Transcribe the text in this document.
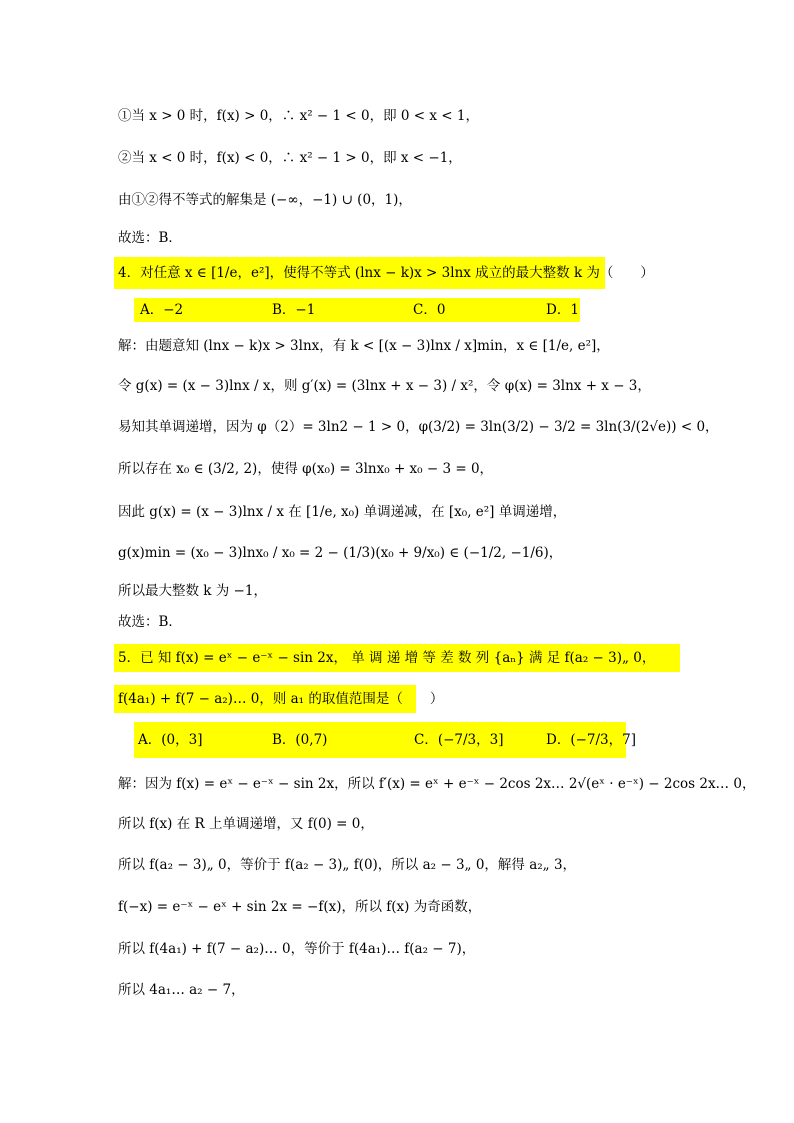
①当 x > 0 时，f(x) > 0，∴ x² − 1 < 0，即 0 < x < 1，
②当 x < 0 时，f(x) < 0，∴ x² − 1 > 0，即 x < −1，
由①②得不等式的解集是 (−∞，−1) ∪ (0，1)，
故选：B．
4．对任意 x ∈ [1/e，e²]，使得不等式 (lnx − k)x > 3lnx 成立的最大整数 k 为（　　）
A．−2	B．−1	C．0	D．1
解：由题意知 (lnx − k)x > 3lnx，有 k < [(x − 3)lnx / x]min，x ∈ [1/e, e²]，
令 g(x) = (x − 3)lnx / x，则 g′(x) = (3lnx + x − 3) / x²，令 φ(x) = 3lnx + x − 3，
易知其单调递增，因为 φ（2）= 3ln2 − 1 > 0，φ(3/2) = 3ln(3/2) − 3/2 = 3ln(3/(2√e)) < 0，
所以存在 x₀ ∈ (3/2, 2)，使得 φ(x₀) = 3lnx₀ + x₀ − 3 = 0，
因此 g(x) = (x − 3)lnx / x 在 [1/e, x₀) 单调递减，在 [x₀, e²] 单调递增，
g(x)min = (x₀ − 3)lnx₀ / x₀ = 2 − (1/3)(x₀ + 9/x₀) ∈ (−1/2, −1/6)，
所以最大整数 k 为 −1，
故选：B．
5．已 知 f(x) = eˣ − e⁻ˣ − sin 2x， 单 调 递 增 等 差 数 列 {aₙ} 满 足 f(a₂ − 3)„ 0，
f(4a₁) + f(7 − a₂)… 0，则 a₁ 的取值范围是（　　）
A．(0，3]	B．(0,7)	C．(−7/3，3]	D．(−7/3，7]
解：因为 f(x) = eˣ − e⁻ˣ − sin 2x，所以 f′(x) = eˣ + e⁻ˣ − 2cos 2x… 2√(eˣ · e⁻ˣ) − 2cos 2x… 0，
所以 f(x) 在 R 上单调递增，又 f(0) = 0，
所以 f(a₂ − 3)„ 0，等价于 f(a₂ − 3)„ f(0)，所以 a₂ − 3„ 0，解得 a₂„ 3，
f(−x) = e⁻ˣ − eˣ + sin 2x = −f(x)，所以 f(x) 为奇函数，
所以 f(4a₁) + f(7 − a₂)… 0，等价于 f(4a₁)… f(a₂ − 7)，
所以 4a₁… a₂ − 7，
